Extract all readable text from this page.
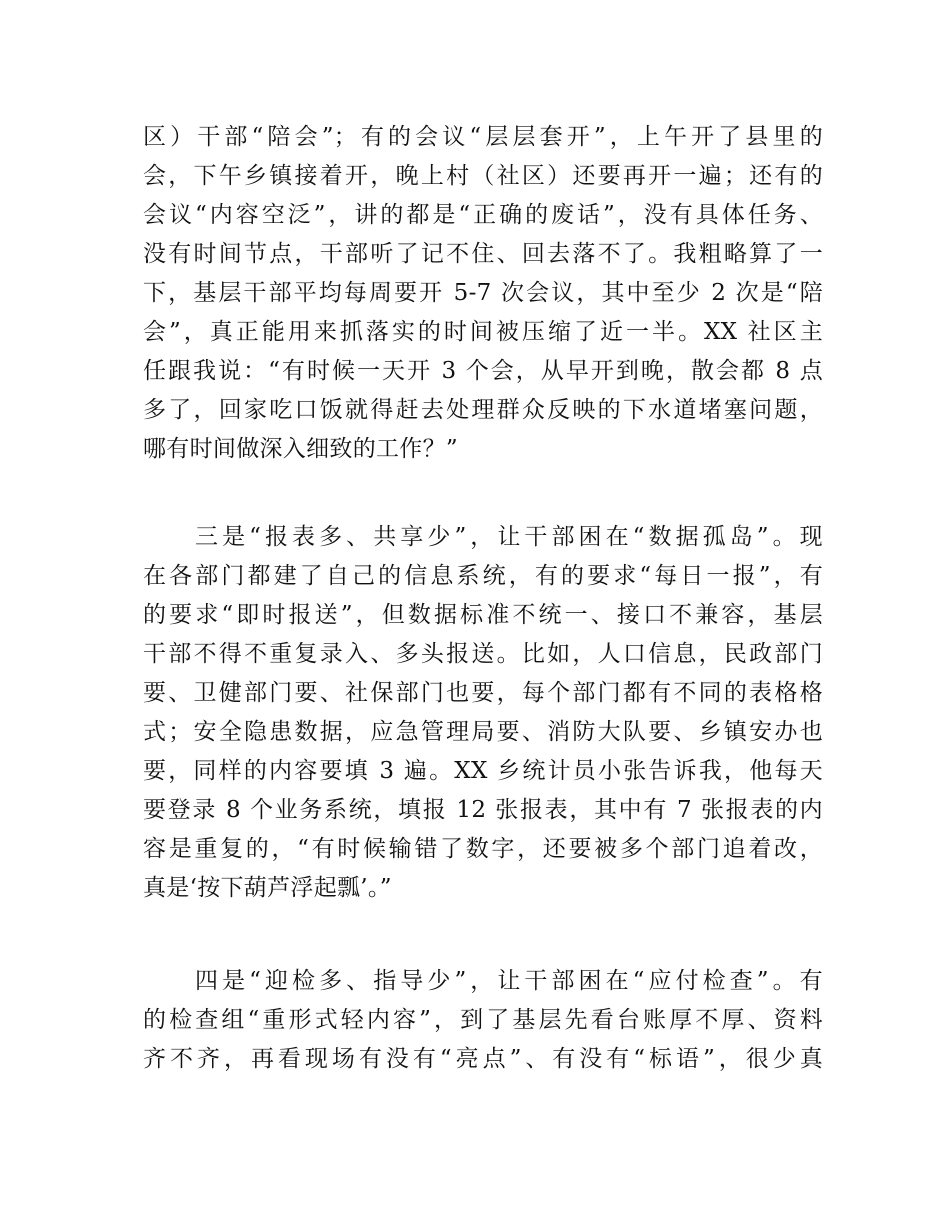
区）干部“陪会”；有的会议“层层套开”，上午开了县里的
会，下午乡镇接着开，晚上村（社区）还要再开一遍；还有的
会议“内容空泛”，讲的都是“正确的废话”，没有具体任务、
没有时间节点，干部听了记不住、回去落不了。我粗略算了一
下，基层干部平均每周要开 5-7 次会议，其中至少 2 次是“陪
会”，真正能用来抓落实的时间被压缩了近一半。XX 社区主
任跟我说：“有时候一天开 3 个会，从早开到晚，散会都 8 点
多了，回家吃口饭就得赶去处理群众反映的下水道堵塞问题，
哪有时间做深入细致的工作？”
三是“报表多、共享少”，让干部困在“数据孤岛”。现
在各部门都建了自己的信息系统，有的要求“每日一报”，有
的要求“即时报送”，但数据标准不统一、接口不兼容，基层
干部不得不重复录入、多头报送。比如，人口信息，民政部门
要、卫健部门要、社保部门也要，每个部门都有不同的表格格
式；安全隐患数据，应急管理局要、消防大队要、乡镇安办也
要，同样的内容要填 3 遍。XX 乡统计员小张告诉我，他每天
要登录 8 个业务系统，填报 12 张报表，其中有 7 张报表的内
容是重复的，“有时候输错了数字，还要被多个部门追着改，
真是‘按下葫芦浮起瓢’。”
四是“迎检多、指导少”，让干部困在“应付检查”。有
的检查组“重形式轻内容”，到了基层先看台账厚不厚、资料
齐不齐，再看现场有没有“亮点”、有没有“标语”，很少真
